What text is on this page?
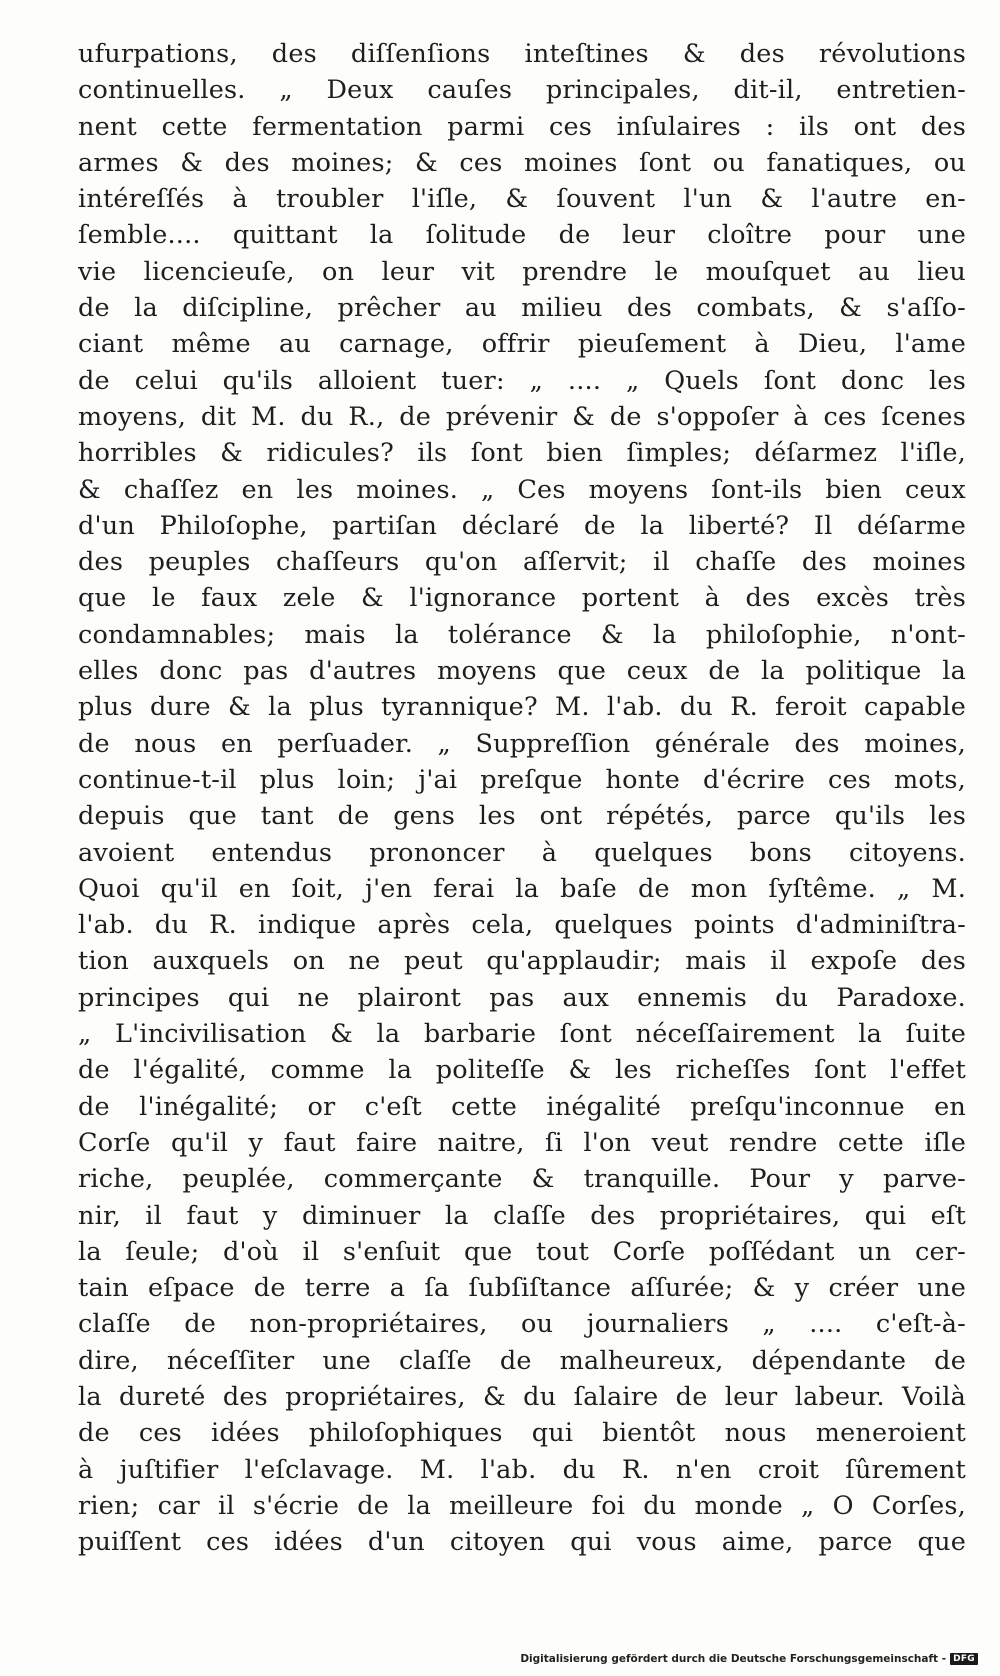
ufurpations, des diſſenſions inteſtines & des révolutions
continuelles. „ Deux cauſes principales, dit-il, entretien-
nent cette fermentation parmi ces inſulaires : ils ont des
armes & des moines; & ces moines ſont ou fanatiques, ou
intéreſſés à troubler l'iſle, & ſouvent l'un & l'autre en-
ſemble.... quittant la ſolitude de leur cloître pour une
vie licencieuſe, on leur vit prendre le mouſquet au lieu
de la diſcipline, prêcher au milieu des combats, & s'aſſo-
ciant même au carnage, offrir pieuſement à Dieu, l'ame
de celui qu'ils alloient tuer: „ .... „ Quels ſont donc les
moyens, dit M. du R., de prévenir & de s'oppoſer à ces ſcenes
horribles & ridicules? ils ſont bien ſimples; déſarmez l'iſle,
& chaſſez en les moines. „ Ces moyens ſont-ils bien ceux
d'un Philoſophe, partiſan déclaré de la liberté? Il déſarme
des peuples chaſſeurs qu'on aſſervit; il chaſſe des moines
que le faux zele & l'ignorance portent à des excès très
condamnables; mais la tolérance & la philoſophie, n'ont-
elles donc pas d'autres moyens que ceux de la politique la
plus dure & la plus tyrannique? M. l'ab. du R. feroit capable
de nous en perſuader. „ Suppreſſion générale des moines,
continue-t-il plus loin; j'ai preſque honte d'écrire ces mots,
depuis que tant de gens les ont répétés, parce qu'ils les
avoient entendus prononcer à quelques bons citoyens.
Quoi qu'il en ſoit, j'en ferai la baſe de mon ſyſtême. „ M.
l'ab. du R. indique après cela, quelques points d'adminiſtra-
tion auxquels on ne peut qu'applaudir; mais il expoſe des
principes qui ne plairont pas aux ennemis du Paradoxe.
„ L'incivilisation & la barbarie ſont néceſſairement la ſuite
de l'égalité, comme la politeſſe & les richeſſes ſont l'effet
de l'inégalité; or c'eſt cette inégalité preſqu'inconnue en
Corſe qu'il y faut faire naitre, ſi l'on veut rendre cette iſle
riche, peuplée, commerçante & tranquille. Pour y parve-
nir, il faut y diminuer la claſſe des propriétaires, qui eſt
la ſeule; d'où il s'enſuit que tout Corſe poſſédant un cer-
tain eſpace de terre a ſa ſubſiſtance aſſurée; & y créer une
claſſe de non-propriétaires, ou journaliers „ .... c'eſt-à-
dire, néceſſiter une claſſe de malheureux, dépendante de
la dureté des propriétaires, & du ſalaire de leur labeur. Voilà
de ces idées philoſophiques qui bientôt nous meneroient
à juſtifier l'eſclavage. M. l'ab. du R. n'en croit ſûrement
rien; car il s'écrie de la meilleure foi du monde „ O Corſes,
puiſſent ces idées d'un citoyen qui vous aime, parce que
Digitalisierung gefördert durch die Deutsche Forschungsgemeinschaft - DFG
